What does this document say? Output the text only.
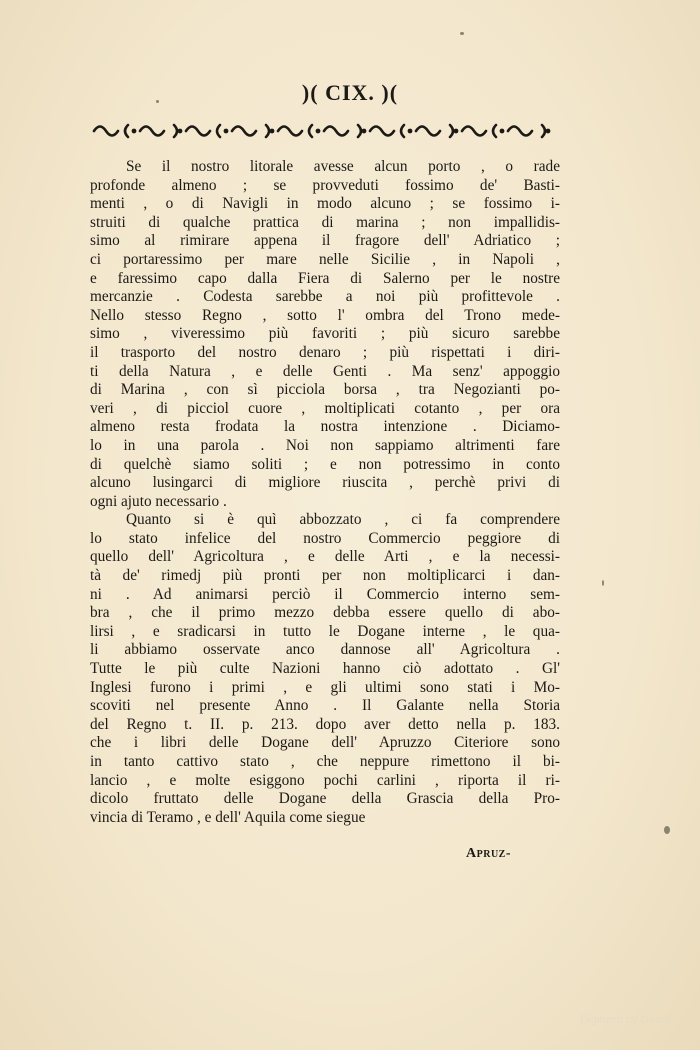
)( CIX. )(
Se il nostro litorale avesse alcun porto , o rade
profonde almeno ; se provveduti fossimo de' Basti-
menti , o di Navigli in modo alcuno ; se fossimo i-
struiti di qualche prattica di marina ; non impallidis-
simo al rimirare appena il fragore dell' Adriatico ;
ci portaressimo per mare nelle Sicilie , in Napoli ,
e faressimo capo dalla Fiera di Salerno per le nostre
mercanzie . Codesta sarebbe a noi più profittevole .
Nello stesso Regno , sotto l' ombra del Trono mede-
simo , viveressimo più favoriti ; più sicuro sarebbe
il trasporto del nostro denaro ; più rispettati i diri-
ti della Natura , e delle Genti . Ma senz' appoggio
di Marina , con sì picciola borsa , tra Negozianti po-
veri , di picciol cuore , moltiplicati cotanto , per ora
almeno resta frodata la nostra intenzione . Diciamo-
lo in una parola . Noi non sappiamo altrimenti fare
di quelchè siamo soliti ; e non potressimo in conto
alcuno lusingarci di migliore riuscita , perchè privi di
ogni ajuto necessario .
Quanto si è quì abbozzato , ci fa comprendere
lo stato infelice del nostro Commercio peggiore di
quello dell' Agricoltura , e delle Arti , e la necessi-
tà de' rimedj più pronti per non moltiplicarci i dan-
ni . Ad animarsi perciò il Commercio interno sem-
bra , che il primo mezzo debba essere quello di abo-
lirsi , e sradicarsi in tutto le Dogane interne , le qua-
li abbiamo osservate anco dannose all' Agricoltura .
Tutte le più culte Nazioni hanno ciò adottato . Gl'
Inglesi furono i primi , e gli ultimi sono stati i Mo-
scoviti nel presente Anno . Il Galante nella Storia
del Regno t. II. p. 213. dopo aver detto nella p. 183.
che i libri delle Dogane dell' Apruzzo Citeriore sono
in tanto cattivo stato , che neppure rimettono il bi-
lancio , e molte esiggono pochi carlini , riporta il ri-
dicolo fruttato delle Dogane della Grascia della Pro-
vincia di Teramo , e dell' Aquila come siegue
Apruz-
Digitized by Google
